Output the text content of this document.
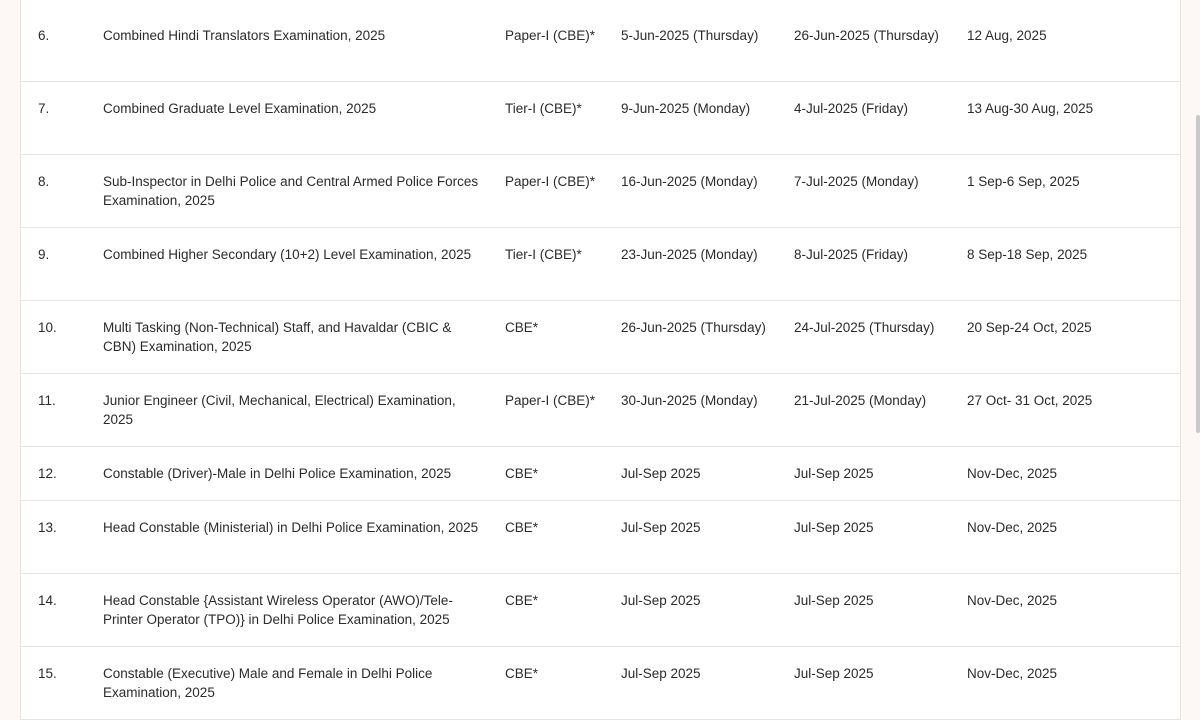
6.	Combined Hindi Translators Examination, 2025	Paper-I (CBE)*	5-Jun-2025 (Thursday)	26-Jun-2025 (Thursday)	12 Aug, 2025
7.	Combined Graduate Level Examination, 2025	Tier-I (CBE)*	9-Jun-2025 (Monday)	4-Jul-2025 (Friday)	13 Aug-30 Aug, 2025
8.	Sub-Inspector in Delhi Police and Central Armed Police Forces Examination, 2025	Paper-I (CBE)*	16-Jun-2025 (Monday)	7-Jul-2025 (Monday)	1 Sep-6 Sep, 2025
9.	Combined Higher Secondary (10+2) Level Examination, 2025	Tier-I (CBE)*	23-Jun-2025 (Monday)	8-Jul-2025 (Friday)	8 Sep-18 Sep, 2025
10.	Multi Tasking (Non-Technical) Staff, and Havaldar (CBIC & CBN) Examination, 2025	CBE*	26-Jun-2025 (Thursday)	24-Jul-2025 (Thursday)	20 Sep-24 Oct, 2025
11.	Junior Engineer (Civil, Mechanical, Electrical) Examination, 2025	Paper-I (CBE)*	30-Jun-2025 (Monday)	21-Jul-2025 (Monday)	27 Oct- 31 Oct, 2025
12.	Constable (Driver)-Male in Delhi Police Examination, 2025	CBE*	Jul-Sep 2025	Jul-Sep 2025	Nov-Dec, 2025
13.	Head Constable (Ministerial) in Delhi Police Examination, 2025	CBE*	Jul-Sep 2025	Jul-Sep 2025	Nov-Dec, 2025
14.	Head Constable {Assistant Wireless Operator (AWO)/Tele-Printer Operator (TPO)} in Delhi Police Examination, 2025	CBE*	Jul-Sep 2025	Jul-Sep 2025	Nov-Dec, 2025
15.	Constable (Executive) Male and Female in Delhi Police Examination, 2025	CBE*	Jul-Sep 2025	Jul-Sep 2025	Nov-Dec, 2025
